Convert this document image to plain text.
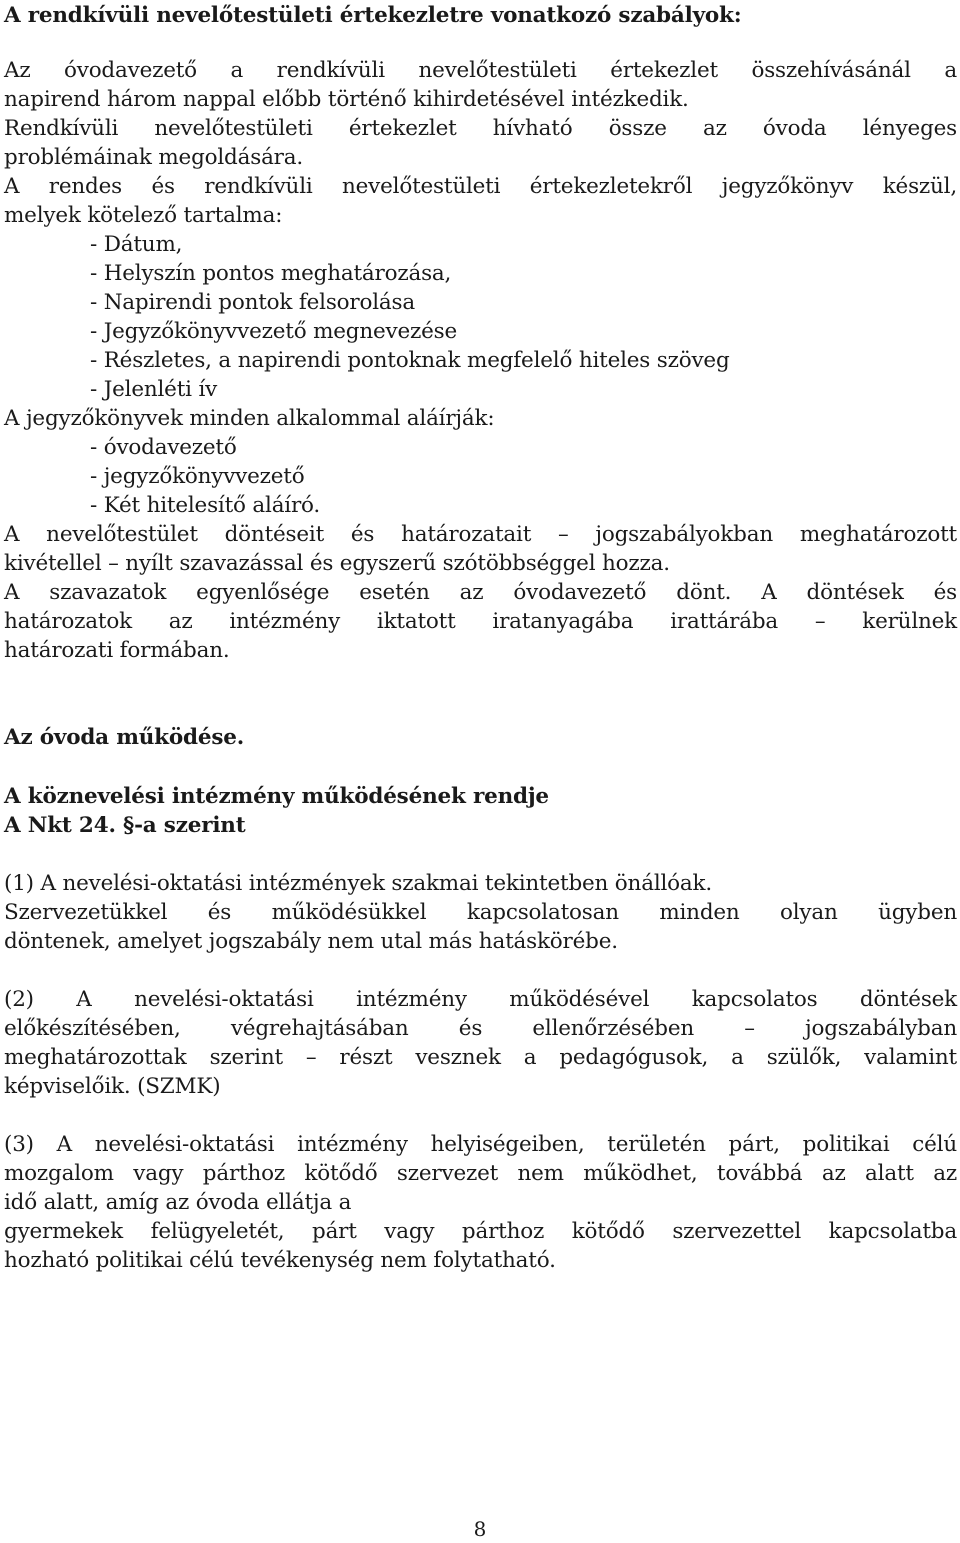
A rendkívüli nevelőtestületi értekezletre vonatkozó szabályok:
Az óvodavezető a rendkívüli nevelőtestületi értekezlet összehívásánál a
napirend három nappal előbb történő kihirdetésével intézkedik.
Rendkívüli nevelőtestületi értekezlet hívható össze az óvoda lényeges
problémáinak megoldására.
A rendes és rendkívüli nevelőtestületi értekezletekről jegyzőkönyv készül,
melyek kötelező tartalma:
- Dátum,
- Helyszín pontos meghatározása,
- Napirendi pontok felsorolása
- Jegyzőkönyvvezető megnevezése
- Részletes, a napirendi pontoknak megfelelő hiteles szöveg
- Jelenléti ív
A jegyzőkönyvek minden alkalommal aláírják:
- óvodavezető
- jegyzőkönyvvezető
- Két hitelesítő aláíró.
A nevelőtestület döntéseit és határozatait – jogszabályokban meghatározott
kivétellel – nyílt szavazással és egyszerű szótöbbséggel hozza.
A szavazatok egyenlősége esetén az óvodavezető dönt. A döntések és
határozatok az intézmény iktatott iratanyagába irattárába – kerülnek
határozati formában.
Az óvoda működése.
A köznevelési intézmény működésének rendje
A Nkt 24. §-a szerint
(1) A nevelési-oktatási intézmények szakmai tekintetben önállóak.
Szervezetükkel és működésükkel kapcsolatosan minden olyan ügyben
döntenek, amelyet jogszabály nem utal más hatáskörébe.
(2) A nevelési-oktatási intézmény működésével kapcsolatos döntések
előkészítésében, végrehajtásában és ellenőrzésében – jogszabályban
meghatározottak szerint – részt vesznek a pedagógusok, a szülők, valamint
képviselőik. (SZMK)
(3) A nevelési-oktatási intézmény helyiségeiben, területén párt, politikai célú
mozgalom vagy párthoz kötődő szervezet nem működhet, továbbá az alatt az
idő alatt, amíg az óvoda ellátja a
gyermekek felügyeletét, párt vagy párthoz kötődő szervezettel kapcsolatba
hozható politikai célú tevékenység nem folytatható.
8
